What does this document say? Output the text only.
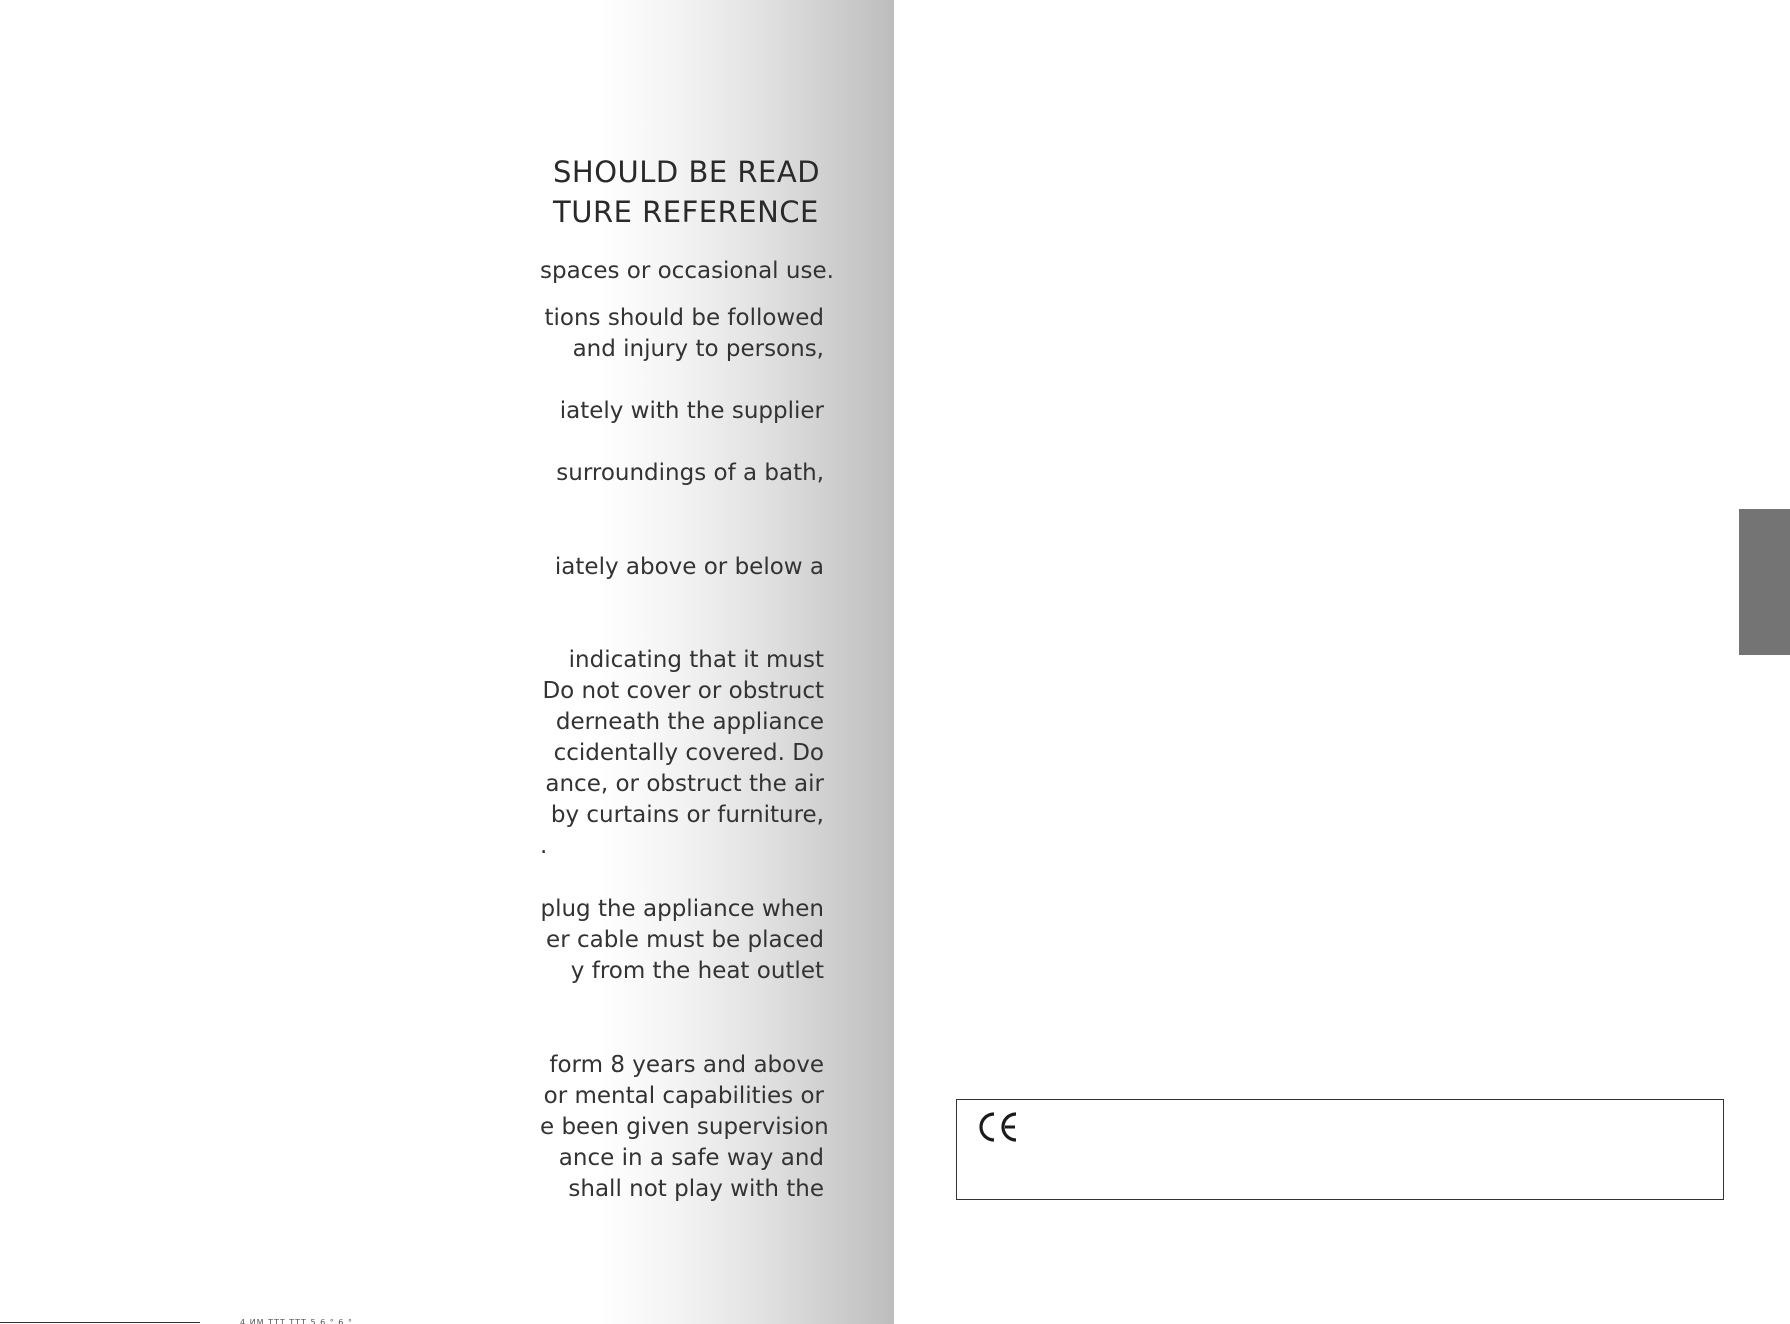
SHOULD BE READ
TURE REFERENCE
spaces or occasional use.
tions should be followed
and injury to persons,
iately with the supplier
surroundings of a bath,
iately above or below a
indicating that it must
Do not cover or obstruct
derneath the appliance
ccidentally covered. Do
ance, or obstruct the air
by curtains or furniture,
.
plug the appliance when
er cable must be placed
y from the heat outlet
form 8 years and above
or mental capabilities or
e been given supervision
ance in a safe way and
shall not play with the
4 ИМ ТТТ ТТТ 5 6 ° 6 °
